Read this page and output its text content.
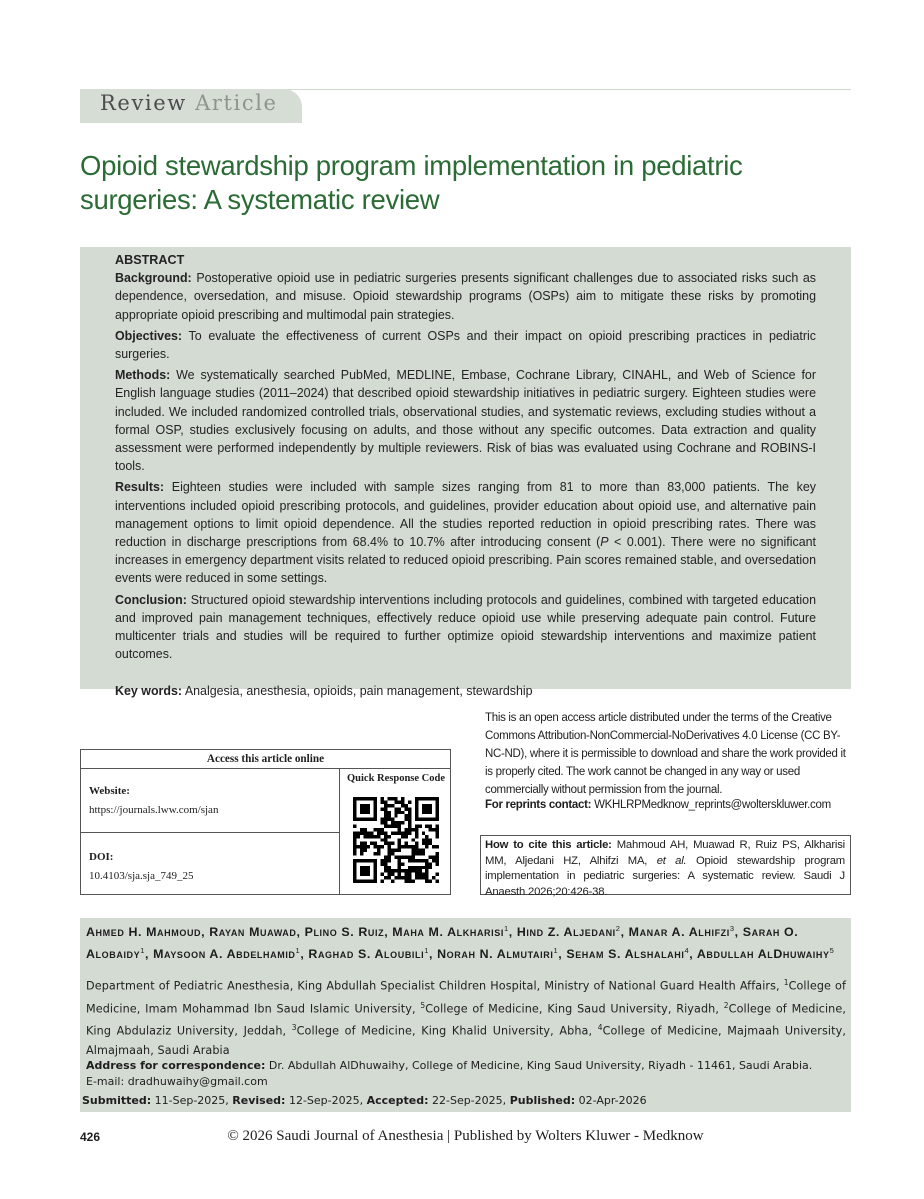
Review Article
Opioid stewardship program implementation in pediatric surgeries: A systematic review

ABSTRACT

Background: Postoperative opioid use in pediatric surgeries presents significant challenges due to associated risks such as dependence, oversedation, and misuse. Opioid stewardship programs (OSPs) aim to mitigate these risks by promoting appropriate opioid prescribing and multimodal pain strategies.

Objectives: To evaluate the effectiveness of current OSPs and their impact on opioid prescribing practices in pediatric surgeries.

Methods: We systematically searched PubMed, MEDLINE, Embase, Cochrane Library, CINAHL, and Web of Science for English language studies (2011–2024) that described opioid stewardship initiatives in pediatric surgery. Eighteen studies were included. We included randomized controlled trials, observational studies, and systematic reviews, excluding studies without a formal OSP, studies exclusively focusing on adults, and those without any specific outcomes. Data extraction and quality assessment were performed independently by multiple reviewers. Risk of bias was evaluated using Cochrane and ROBINS-I tools.

Results: Eighteen studies were included with sample sizes ranging from 81 to more than 83,000 patients. The key interventions included opioid prescribing protocols, and guidelines, provider education about opioid use, and alternative pain management options to limit opioid dependence. All the studies reported reduction in opioid prescribing rates. There was reduction in discharge prescriptions from 68.4% to 10.7% after introducing consent (P < 0.001). There were no significant increases in emergency department visits related to reduced opioid prescribing. Pain scores remained stable, and oversedation events were reduced in some settings.

Conclusion: Structured opioid stewardship interventions including protocols and guidelines, combined with targeted education and improved pain management techniques, effectively reduce opioid use while preserving adequate pain control. Future multicenter trials and studies will be required to further optimize opioid stewardship interventions and maximize patient outcomes.

Key words: Analgesia, anesthesia, opioids, pain management, stewardship

Access this article online
Website:
https://journals.lww.com/sjan
DOI:
10.4103/sja.sja_749_25
Quick Response Code

This is an open access article distributed under the terms of the Creative Commons Attribution-NonCommercial-NoDerivatives 4.0 License (CC BY-NC-ND), where it is permissible to download and share the work provided it is properly cited. The work cannot be changed in any way or used commercially without permission from the journal.

For reprints contact: WKHLRPMedknow_reprints@wolterskluwer.com
How to cite this article: Mahmoud AH, Muawad R, Ruiz PS, Alkharisi MM, Aljedani HZ, Alhifzi MA, et al. Opioid stewardship program implementation in pediatric surgeries: A systematic review. Saudi J Anaesth 2026;20:426-38.
Ahmed H. Mahmoud, Rayan Muawad, Plino S. Ruiz, Maha M. Alkharisi$^1$, Hind Z. Aljedani$^2$, Manar A. Alhifzi$^3$, Sarah O. Alobaidy$^1$, Maysoon A. Abdelhamid$^1$, Raghad S. Aloubili$^1$, Norah N. Almutairi$^1$, Seham S. Alshalahi$^4$, Abdullah AlDhuwaihy$^5$
Department of Pediatric Anesthesia, King Abdullah Specialist Children Hospital, Ministry of National Guard Health Affairs, $^1$College of Medicine, Imam Mohammad Ibn Saud Islamic University, $^5$College of Medicine, King Saud University, Riyadh, $^2$College of Medicine, King Abdulaziz University, Jeddah, $^3$College of Medicine, King Khalid University, Abha, $^4$College of Medicine, Majmaah University, Almajmaah, Saudi Arabia
Address for correspondence: Dr. Abdullah AlDhuwaihy, College of Medicine, King Saud University, Riyadh - 11461, Saudi Arabia.
E-mail: dradhuwaihy@gmail.com
Submitted: 11-Sep-2025, Revised: 12-Sep-2025, Accepted: 22-Sep-2025, Published: 02-Apr-2026
© 2026 Saudi Journal of Anesthesia | Published by Wolters Kluwer - Medknow
426
